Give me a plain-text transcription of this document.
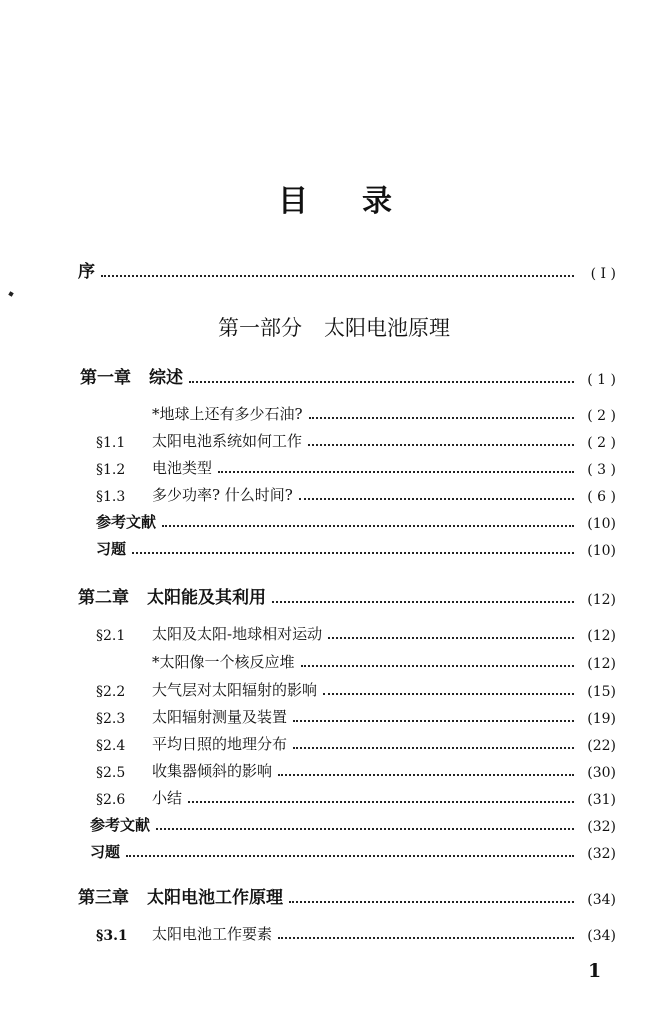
目 录
序	( I )
第一部分 太阳电池原理
第一章 综述	( 1 )
*地球上还有多少石油?	( 2 )
§1.1	太阳电池系统如何工作	( 2 )
§1.2	电池类型	( 3 )
§1.3	多少功率? 什么时间?	( 6 )
参考文献	(10)
习题	(10)
第二章 太阳能及其利用	(12)
§2.1	太阳及太阳-地球相对运动	(12)
*太阳像一个核反应堆	(12)
§2.2	大气层对太阳辐射的影响	(15)
§2.3	太阳辐射测量及装置	(19)
§2.4	平均日照的地理分布	(22)
§2.5	收集器倾斜的影响	(30)
§2.6	小结	(31)
参考文献	(32)
习题	(32)
第三章 太阳电池工作原理	(34)
§3.1	太阳电池工作要素	(34)
1
